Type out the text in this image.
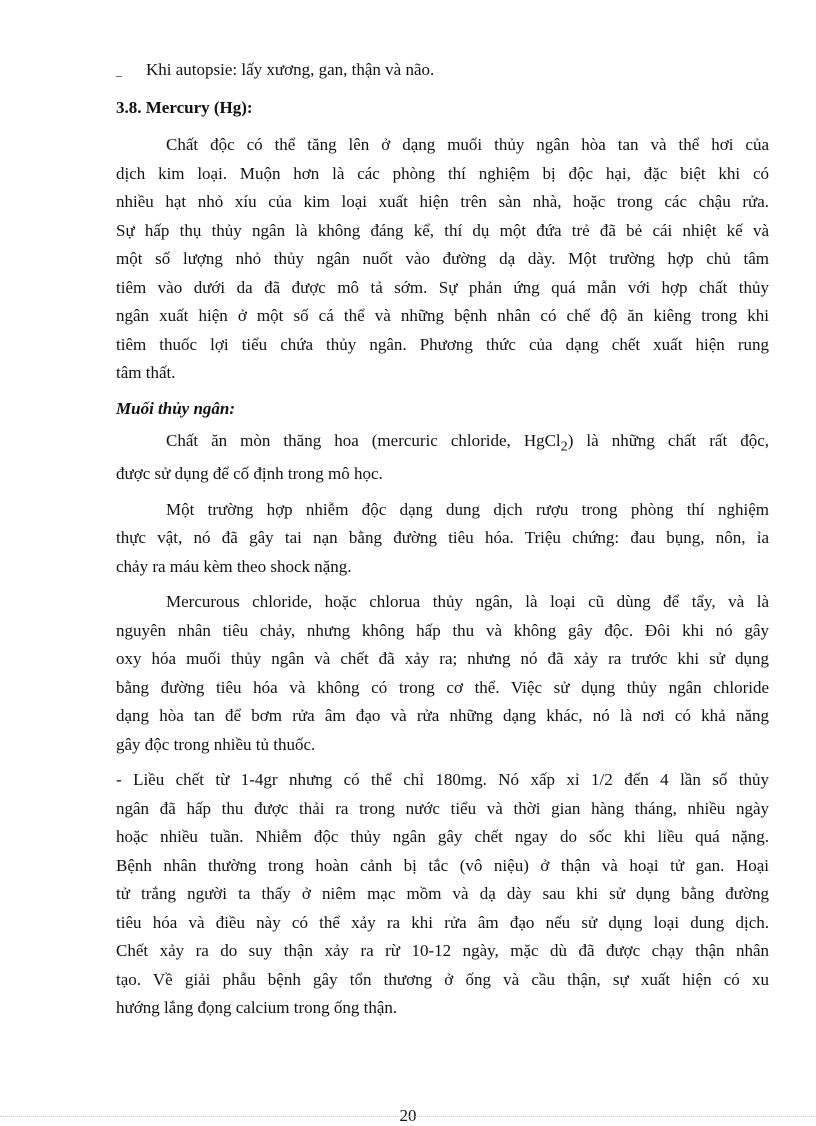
_	Khi autopsie: lấy xương, gan, thận và não.
3.8. Mercury (Hg):
Chất độc có thể tăng lên ở dạng muối thủy ngân hòa tan và thể hơi của
dịch kim loại. Muộn hơn là các phòng thí nghiệm bị độc hại, đặc biệt khi có
nhiều hạt nhỏ xíu của kim loại xuất hiện trên sàn nhà, hoặc trong các chậu rửa.
Sự hấp thụ thủy ngân là không đáng kể, thí dụ một đứa trẻ đã bẻ cái nhiệt kế và
một số lượng nhỏ thủy ngân nuốt vào đường dạ dày. Một trường hợp chủ tâm
tiêm vào dưới da đã được mô tả sớm. Sự phản ứng quá mẫn với hợp chất thủy
ngân xuất hiện ở một số cá thể và những bệnh nhân có chế độ ăn kiêng trong khi
tiêm thuốc lợi tiểu chứa thủy ngân. Phương thức của dạng chết xuất hiện rung
tâm thất.
Muối thủy ngân:
Chất ăn mòn thăng hoa (mercuric chloride, HgCl$_2$) là những chất rất độc,
được sử dụng để cố định trong mô học.
Một trường hợp nhiễm độc dạng dung dịch rượu trong phòng thí nghiệm
thực vật, nó đã gây tai nạn bằng đường tiêu hóa. Triệu chứng: đau bụng, nôn, ỉa
chảy ra máu kèm theo shock nặng.
Mercurous chloride, hoặc chlorua thủy ngân, là loại cũ dùng để tẩy, và là
nguyên nhân tiêu chảy, nhưng không hấp thu và không gây độc. Đôi khi nó gây
oxy hóa muối thủy ngân và chết đã xảy ra; nhưng nó đã xảy ra trước khi sử dụng
bằng đường tiêu hóa và không có trong cơ thể. Việc sử dụng thủy ngân chloride
dạng hòa tan để bơm rửa âm đạo và rửa những dạng khác, nó là nơi có khả năng
gây độc trong nhiều tủ thuốc.
- Liều chết từ 1-4gr nhưng có thể chỉ 180mg. Nó xấp xỉ 1/2 đến 4 lần số thủy
ngân đã hấp thu được thải ra trong nước tiểu và thời gian hàng tháng, nhiều ngày
hoặc nhiều tuần. Nhiễm độc thủy ngân gây chết ngay do sốc khi liều quá nặng.
Bệnh nhân thường trong hoàn cảnh bị tắc (vô niệu) ở thận và hoại tử gan. Hoại
tử trắng người ta thấy ở niêm mạc mồm và dạ dày sau khi sử dụng bằng đường
tiêu hóa và điều này có thể xảy ra khi rửa âm đạo nếu sử dụng loại dung dịch.
Chết xảy ra do suy thận xảy ra rừ 10-12 ngày, mặc dù đã được chạy thận nhân
tạo. Về giải phẫu bệnh gây tổn thương ở ống và cầu thận, sự xuất hiện có xu
hướng lắng đọng calcium trong ống thận.
20
